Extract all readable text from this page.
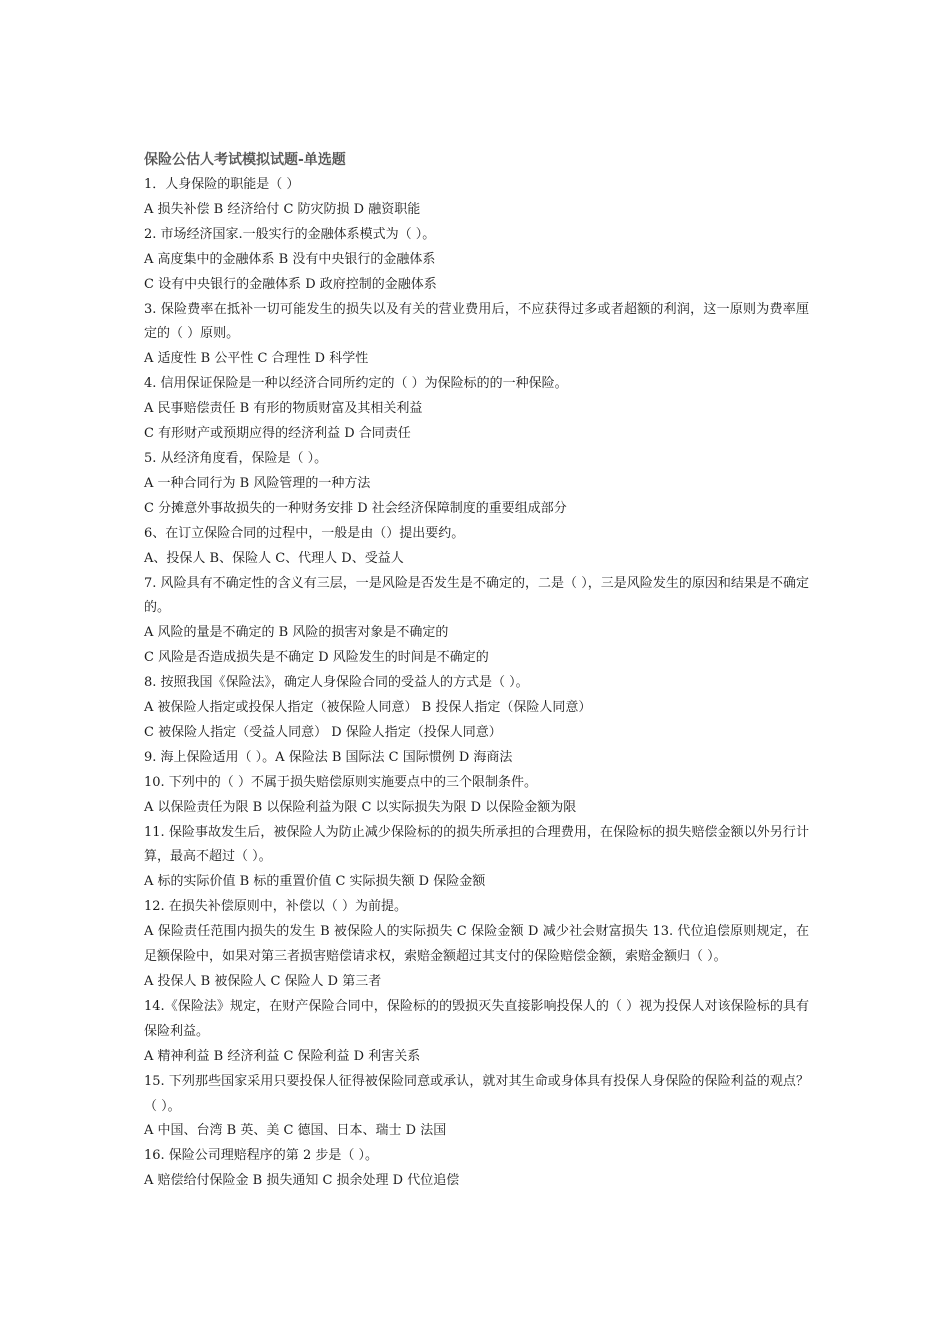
保险公估人考试模拟试题-单选题

1．人身保险的职能是（ ）

A 损失补偿 B 经济给付 C 防灾防损 D 融资职能

2. 市场经济国家.一般实行的金融体系模式为（ ）。

A 高度集中的金融体系 B 没有中央银行的金融体系

C 设有中央银行的金融体系 D 政府控制的金融体系

3. 保险费率在抵补一切可能发生的损失以及有关的营业费用后，不应获得过多或者超额的利润，这一原则为费率厘定的（ ）原则。

A 适度性 B 公平性 C 合理性 D 科学性

4. 信用保证保险是一种以经济合同所约定的（ ）为保险标的的一种保险。

A 民事赔偿责任 B 有形的物质财富及其相关利益

C 有形财产或预期应得的经济利益 D 合同责任

5. 从经济角度看，保险是（ ）。

A 一种合同行为 B 风险管理的一种方法

C 分摊意外事故损失的一种财务安排 D 社会经济保障制度的重要组成部分

6、在订立保险合同的过程中，一般是由（）提出要约。

A、投保人 B、保险人 C、代理人 D、受益人

7. 风险具有不确定性的含义有三层，一是风险是否发生是不确定的，二是（ ），三是风险发生的原因和结果是不确定的。

A 风险的量是不确定的 B 风险的损害对象是不确定的

C 风险是否造成损失是不确定 D 风险发生的时间是不确定的

8. 按照我国《保险法》，确定人身保险合同的受益人的方式是（ ）。

A 被保险人指定或投保人指定（被保险人同意） B 投保人指定（保险人同意）

C 被保险人指定（受益人同意） D 保险人指定（投保人同意）

9. 海上保险适用（ ）。A 保险法 B 国际法 C 国际惯例 D 海商法

10. 下列中的（ ）不属于损失赔偿原则实施要点中的三个限制条件。

A 以保险责任为限 B 以保险利益为限 C 以实际损失为限 D 以保险金额为限

11. 保险事故发生后，被保险人为防止减少保险标的的损失所承担的合理费用，在保险标的损失赔偿金额以外另行计算，最高不超过（ ）。

A 标的实际价值 B 标的重置价值 C 实际损失额 D 保险金额

12. 在损失补偿原则中，补偿以（ ）为前提。

A 保险责任范围内损失的发生 B 被保险人的实际损失 C 保险金额 D 减少社会财富损失 13. 代位追偿原则规定，在足额保险中，如果对第三者损害赔偿请求权，索赔金额超过其支付的保险赔偿金额，索赔金额归（ ）。

A 投保人 B 被保险人 C 保险人 D 第三者

14.《保险法》规定，在财产保险合同中，保险标的的毁损灭失直接影响投保人的（ ）视为投保人对该保险标的具有保险利益。

A 精神利益 B 经济利益 C 保险利益 D 利害关系

15. 下列那些国家采用只要投保人征得被保险同意或承认，就对其生命或身体具有投保人身保险的保险利益的观点？（ ）。

A 中国、台湾 B 英、美 C 德国、日本、瑞士 D 法国

16. 保险公司理赔程序的第 2 步是（ ）。

A 赔偿给付保险金 B 损失通知 C 损余处理 D 代位追偿
